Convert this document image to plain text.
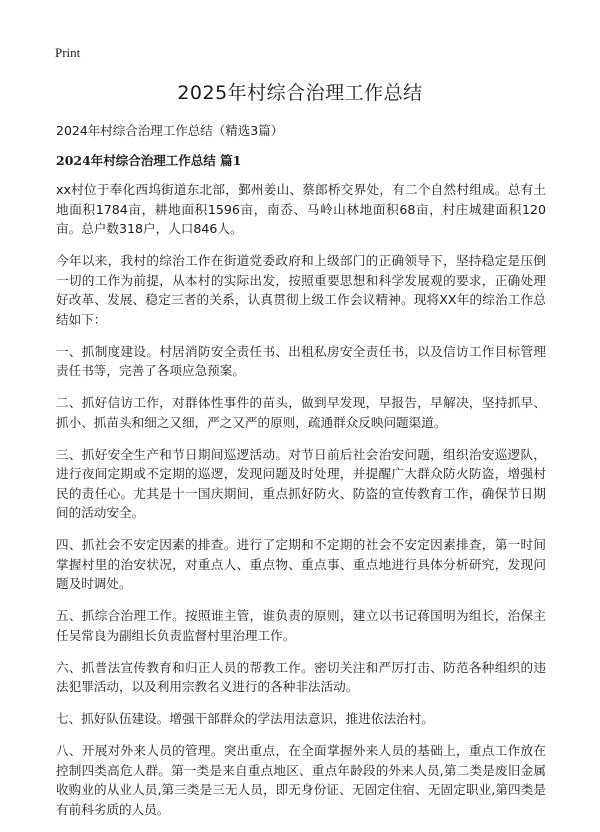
Print
2025年村综合治理工作总结

2024年村综合治理工作总结（精选3篇）

2024年村综合治理工作总结 篇1

xx村位于奉化西坞街道东北部，鄞州姜山、蔡郎桥交界处，有二个自然村组成。总有土地面积1784亩，耕地面积1596亩，南岙、马岭山林地面积68亩，村庄城建面积120亩。总户数318户，人口846人。

今年以来，我村的综治工作在街道党委政府和上级部门的正确领导下，坚持稳定是压倒一切的工作为前提，从本村的实际出发，按照重要思想和科学发展观的要求，正确处理好改革、发展、稳定三者的关系，认真贯彻上级工作会议精神。现将XX年的综治工作总结如下：

一、抓制度建设。村居消防安全责任书、出租私房安全责任书，以及信访工作目标管理责任书等，完善了各项应急预案。

二、抓好信访工作，对群体性事件的苗头，做到早发现，早报告，早解决，坚持抓早、抓小、抓苗头和细之又细，严之又严的原则，疏通群众反映问题渠道。

三、抓好安全生产和节日期间巡逻活动。对节日前后社会治安问题，组织治安巡逻队，进行夜间定期或不定期的巡逻，发现问题及时处理，并提醒广大群众防火防盗，增强村民的责任心。尤其是十一国庆期间，重点抓好防火、防盗的宣传教育工作，确保节日期间的活动安全。

四、抓社会不安定因素的排查。进行了定期和不定期的社会不安定因素排查，第一时间掌握村里的治安状况，对重点人、重点物、重点事、重点地进行具体分析研究，发现问题及时调处。

五、抓综合治理工作。按照谁主管，谁负责的原则，建立以书记蒋国明为组长，治保主任吴常良为副组长负责监督村里治理工作。

六、抓普法宣传教育和归正人员的帮教工作。密切关注和严厉打击、防范各种组织的违法犯罪活动，以及利用宗教名义进行的各种非法活动。

七、抓好队伍建设。增强干部群众的学法用法意识，推进依法治村。

八、开展对外来人员的管理。突出重点，在全面掌握外来人员的基础上，重点工作放在控制四类高危人群。第一类是来自重点地区、重点年龄段的外来人员,第二类是废旧金属收购业的从业人员,第三类是三无人员，即无身份证、无固定住宿、无固定职业,第四类是有前科劣质的人员。
